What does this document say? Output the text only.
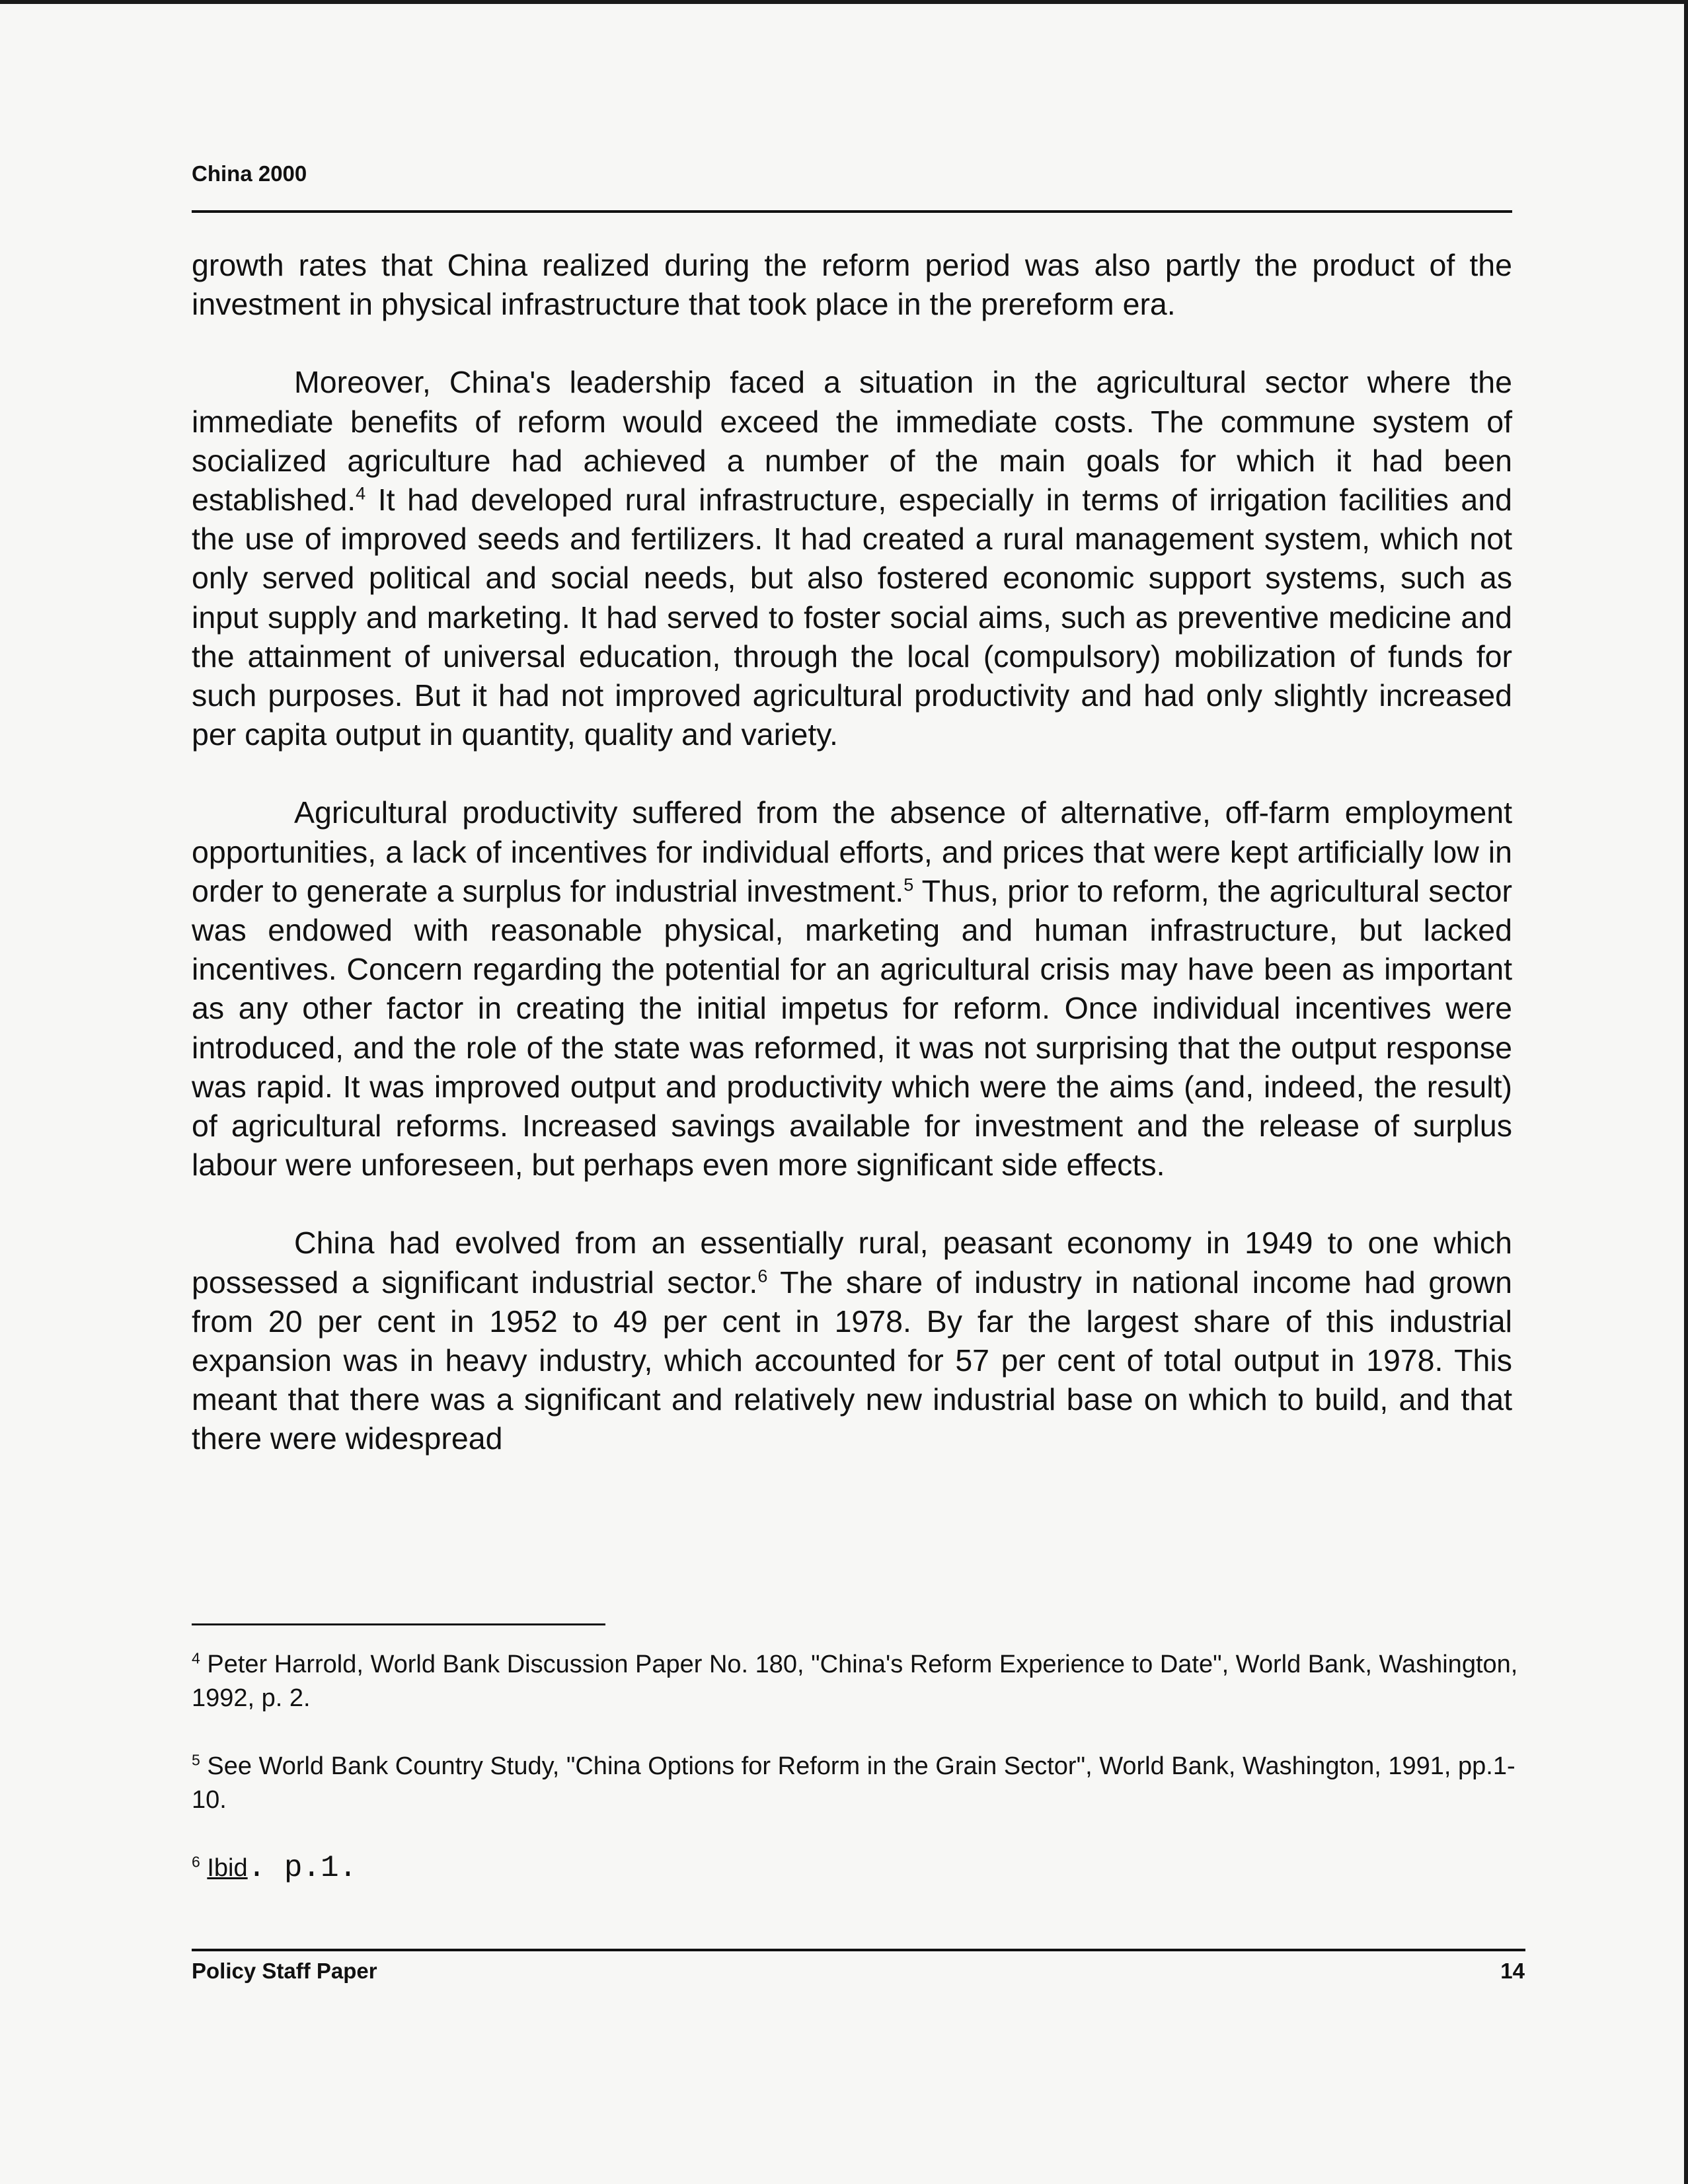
China 2000

growth rates that China realized during the reform period was also partly the product of the investment in physical infrastructure that took place in the prereform era.

Moreover, China's leadership faced a situation in the agricultural sector where the immediate benefits of reform would exceed the immediate costs. The commune system of socialized agriculture had achieved a number of the main goals for which it had been established.$^4$ It had developed rural infrastructure, especially in terms of irrigation facilities and the use of improved seeds and fertilizers. It had created a rural management system, which not only served political and social needs, but also fostered economic support systems, such as input supply and marketing. It had served to foster social aims, such as preventive medicine and the attainment of universal education, through the local (compulsory) mobilization of funds for such purposes. But it had not improved agricultural productivity and had only slightly increased per capita output in quantity, quality and variety.

Agricultural productivity suffered from the absence of alternative, off-farm employment opportunities, a lack of incentives for individual efforts, and prices that were kept artificially low in order to generate a surplus for industrial investment.$^5$ Thus, prior to reform, the agricultural sector was endowed with reasonable physical, marketing and human infrastructure, but lacked incentives. Concern regarding the potential for an agricultural crisis may have been as important as any other factor in creating the initial impetus for reform. Once individual incentives were introduced, and the role of the state was reformed, it was not surprising that the output response was rapid. It was improved output and productivity which were the aims (and, indeed, the result) of agricultural reforms. Increased savings available for investment and the release of surplus labour were unforeseen, but perhaps even more significant side effects.

China had evolved from an essentially rural, peasant economy in 1949 to one which possessed a significant industrial sector.$^6$ The share of industry in national income had grown from 20 per cent in 1952 to 49 per cent in 1978. By far the largest share of this industrial expansion was in heavy industry, which accounted for 57 per cent of total output in 1978. This meant that there was a significant and relatively new industrial base on which to build, and that there were widespread

$^4$ Peter Harrold, World Bank Discussion Paper No. 180, "China's Reform Experience to Date", World Bank, Washington, 1992, p. 2.

$^5$ See World Bank Country Study, "China Options for Reform in the Grain Sector", World Bank, Washington, 1991, pp.1-10.

$^6$ Ibid. p.1.

Policy Staff Paper	14
